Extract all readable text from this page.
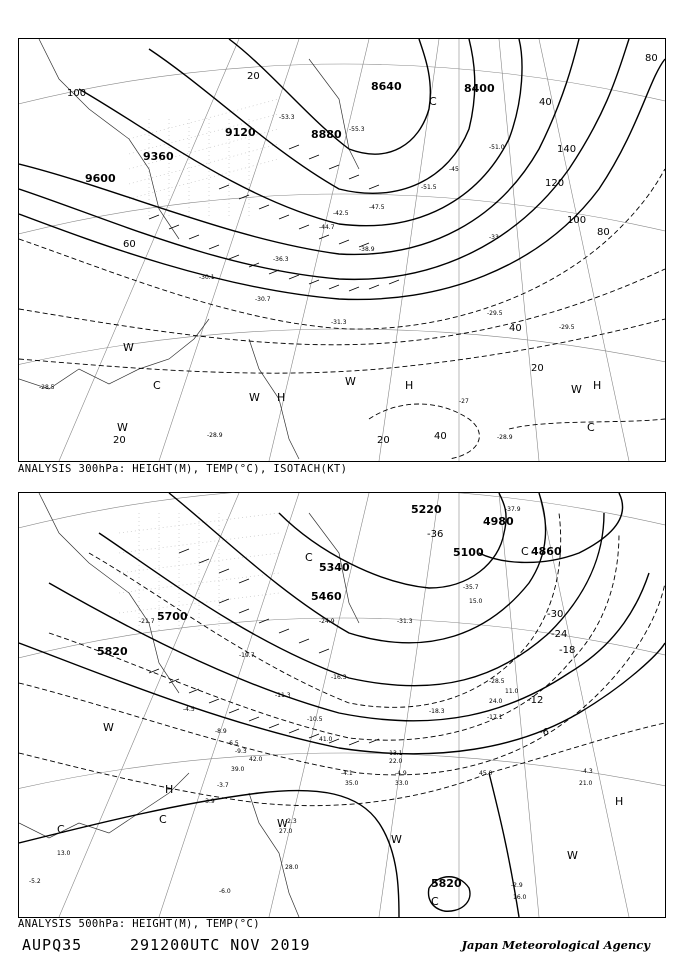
9600
9120	8880
8640	8400
9360
100
80
60
40
20
140
120
100
80
40
20
40
20
20
W
C
W H
W	H	W H
C
W	C
-30.1
-29.5
-31.3
-27
-28.5
-28.9
-51.5
-45
-38.9
-33
-53.3
-55.3
-51.0
-47.5
-29.5
-28.9
-44.7
-42.5
-36.3
-30.7
ANALYSIS 300hPa: HEIGHT(M), TEMP(°C), ISOTACH(KT)
5700
5460
5820
5220
5100
4980
5820
4860
5340
-36
-30
-24
-18
-12
-6
C
W
C
C
H
H
W
W
W
C
C
-31.3
-37.9
-35.7
-28.5
-24.9
-18.3
-13.1
-9.3
-4.9
-4.5
-2.9
-4.1
-5.2
-3.7
-6.5
-19.7
-11.3
-10.5	-17.1
-4.3
-3.9
-2.3
-21.7
-16.3
-8.9
-6.0
16.0
22.0
33.0
41.0
45.0
21.0
35.0
39.0
42.0
27.0
28.0
11.0
24.0
15.0
13.0
ANALYSIS 500hPa: HEIGHT(M), TEMP(°C)
AUPQ35	291200UTC NOV 2019	Japan Meteorological Agency
